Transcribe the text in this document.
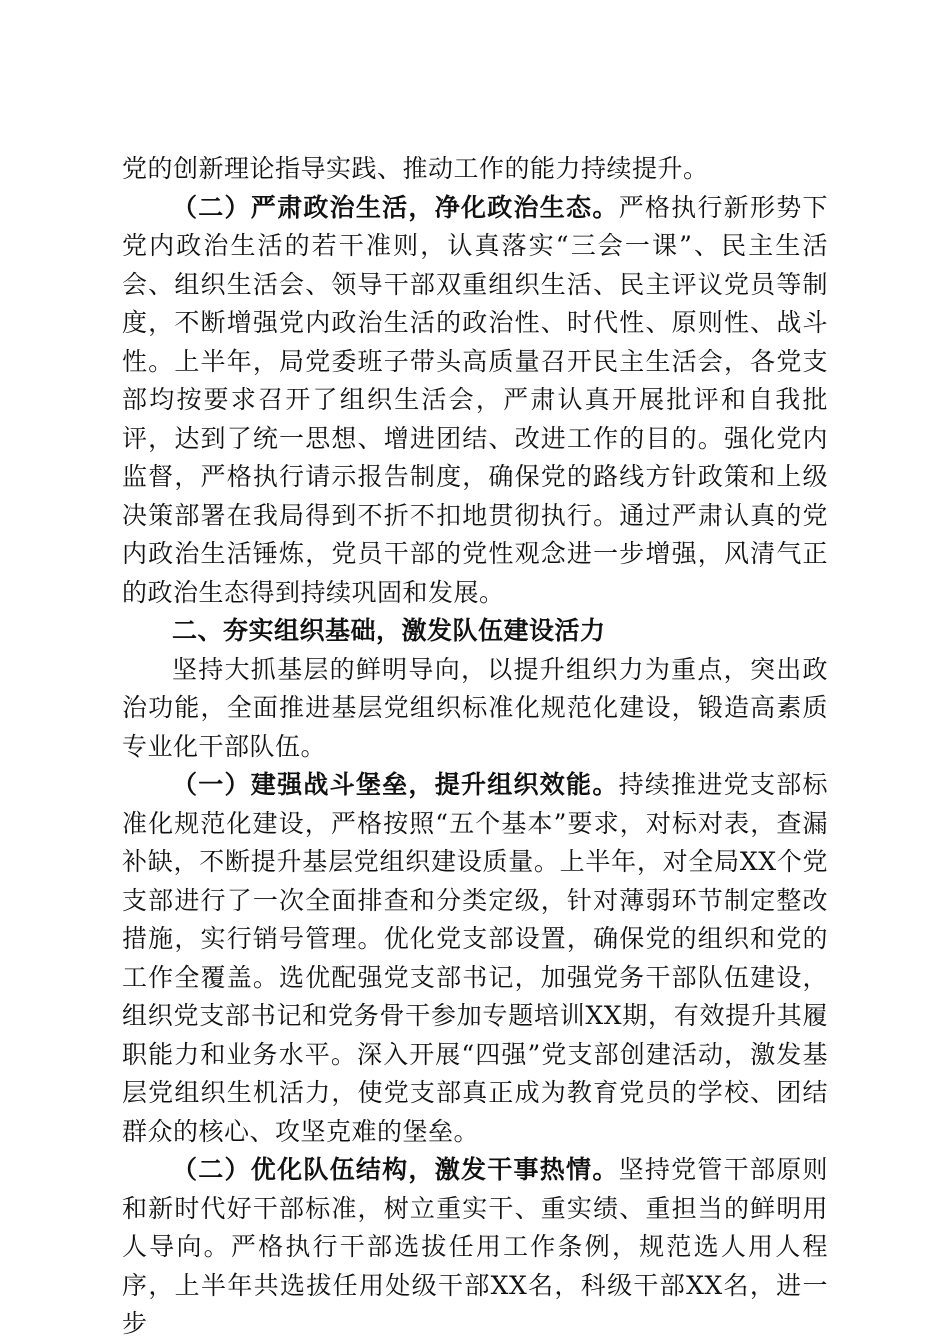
党的创新理论指导实践、推动工作的能力持续提升。

（二）严肃政治生活，净化政治生态。严格执行新形势下党内政治生活的若干准则，认真落实“三会一课”、民主生活会、组织生活会、领导干部双重组织生活、民主评议党员等制度，不断增强党内政治生活的政治性、时代性、原则性、战斗性。上半年，局党委班子带头高质量召开民主生活会，各党支部均按要求召开了组织生活会，严肃认真开展批评和自我批评，达到了统一思想、增进团结、改进工作的目的。强化党内监督，严格执行请示报告制度，确保党的路线方针政策和上级决策部署在我局得到不折不扣地贯彻执行。通过严肃认真的党内政治生活锤炼，党员干部的党性观念进一步增强，风清气正的政治生态得到持续巩固和发展。

二、夯实组织基础，激发队伍建设活力

坚持大抓基层的鲜明导向，以提升组织力为重点，突出政治功能，全面推进基层党组织标准化规范化建设，锻造高素质专业化干部队伍。

（一）建强战斗堡垒，提升组织效能。持续推进党支部标准化规范化建设，严格按照“五个基本”要求，对标对表，查漏补缺，不断提升基层党组织建设质量。上半年，对全局XX个党支部进行了一次全面排查和分类定级，针对薄弱环节制定整改措施，实行销号管理。优化党支部设置，确保党的组织和党的工作全覆盖。选优配强党支部书记，加强党务干部队伍建设，组织党支部书记和党务骨干参加专题培训XX期，有效提升其履职能力和业务水平。深入开展“四强”党支部创建活动，激发基层党组织生机活力，使党支部真正成为教育党员的学校、团结群众的核心、攻坚克难的堡垒。

（二）优化队伍结构，激发干事热情。坚持党管干部原则和新时代好干部标准，树立重实干、重实绩、重担当的鲜明用人导向。严格执行干部选拔任用工作条例，规范选人用人程序，上半年共选拔任用处级干部XX名，科级干部XX名，进一步
